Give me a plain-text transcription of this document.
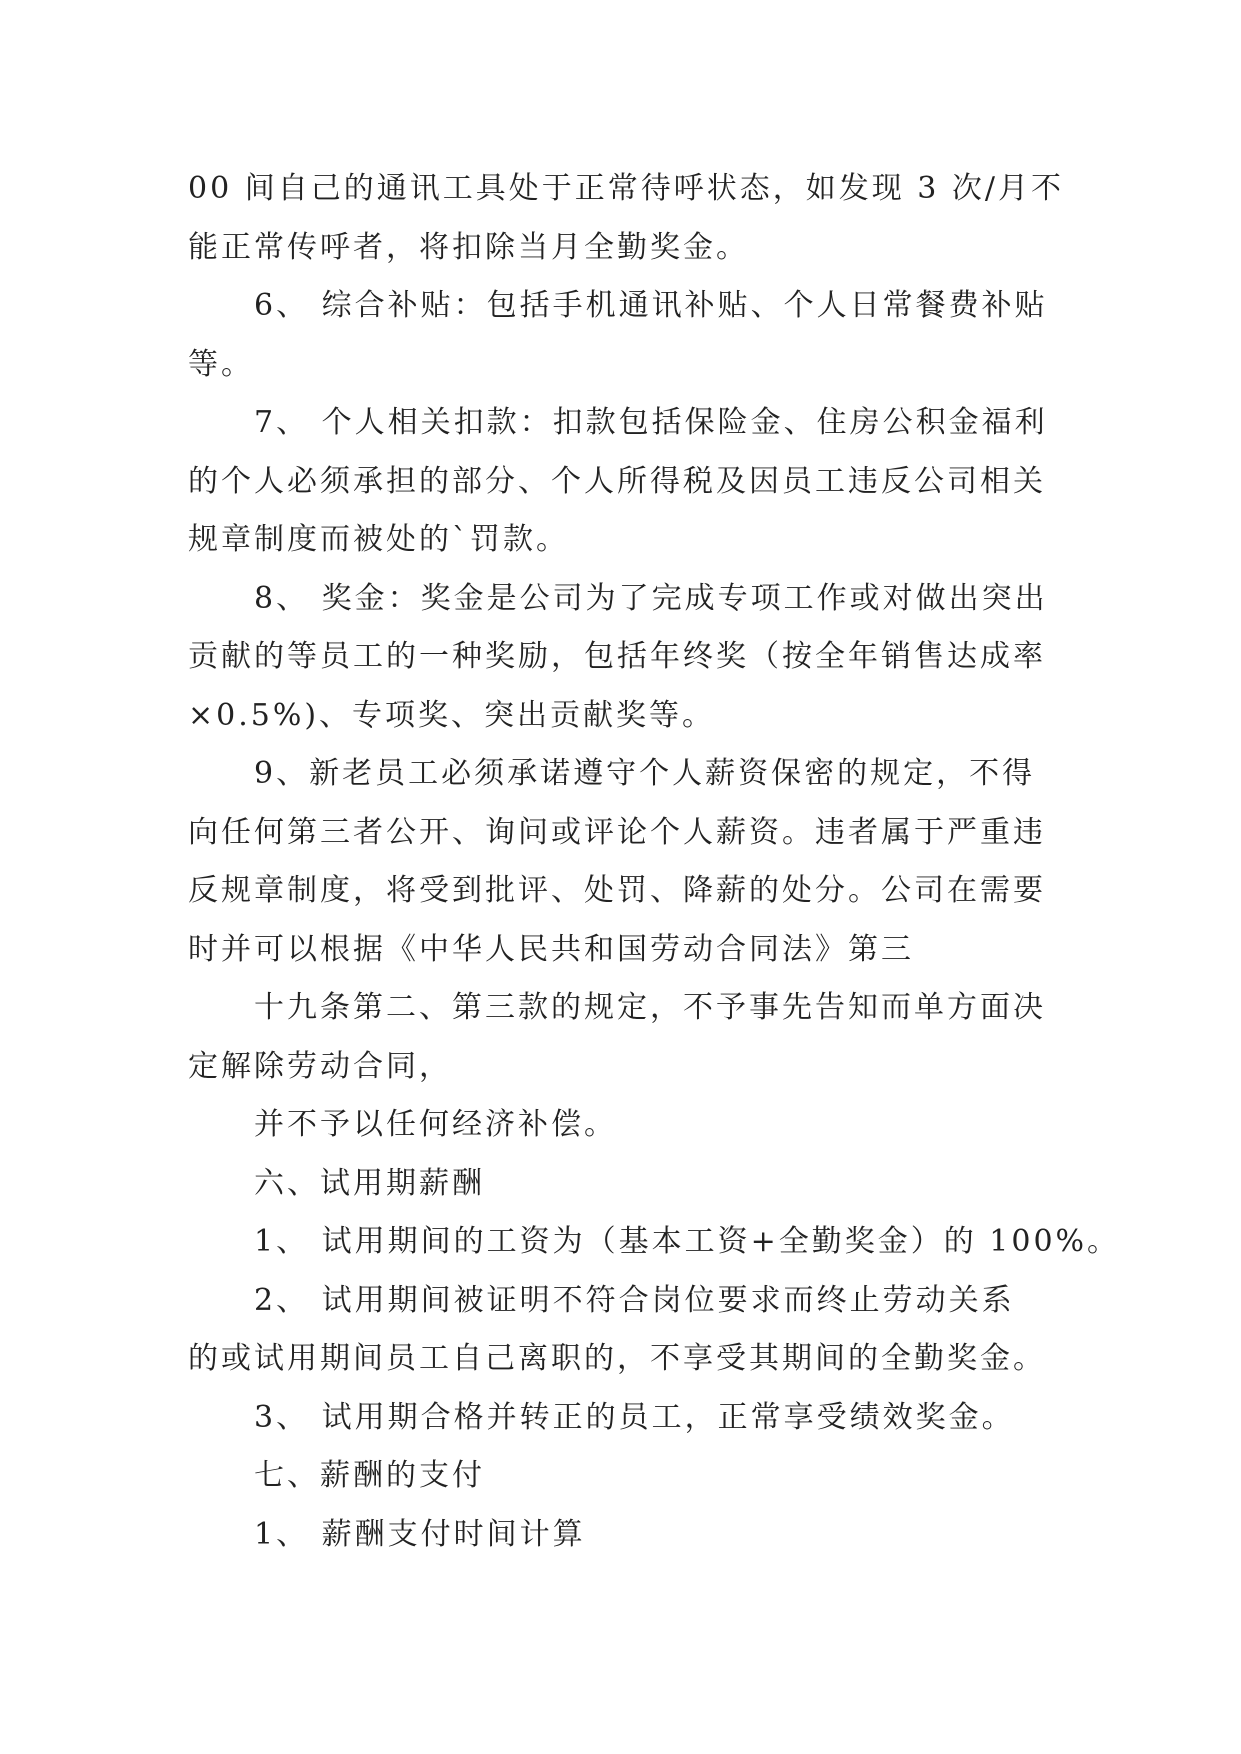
00 间自己的通讯工具处于正常待呼状态，如发现 3 次/月不

能正常传呼者，将扣除当月全勤奖金。

6、 综合补贴：包括手机通讯补贴、个人日常餐费补贴

等。

7、 个人相关扣款：扣款包括保险金、住房公积金福利

的个人必须承担的部分、个人所得税及因员工违反公司相关

规章制度而被处的`罚款。

8、 奖金：奖金是公司为了完成专项工作或对做出突出

贡献的等员工的一种奖励，包括年终奖（按全年销售达成率

×0.5%)、专项奖、突出贡献奖等。

9、新老员工必须承诺遵守个人薪资保密的规定，不得

向任何第三者公开、询问或评论个人薪资。违者属于严重违

反规章制度，将受到批评、处罚、降薪的处分。公司在需要

时并可以根据《中华人民共和国劳动合同法》第三

十九条第二、第三款的规定，不予事先告知而单方面决

定解除劳动合同，

并不予以任何经济补偿。

六、试用期薪酬

1、 试用期间的工资为（基本工资+全勤奖金）的 100%。

2、 试用期间被证明不符合岗位要求而终止劳动关系

的或试用期间员工自己离职的，不享受其期间的全勤奖金。

3、 试用期合格并转正的员工，正常享受绩效奖金。

七、薪酬的支付

1、 薪酬支付时间计算
